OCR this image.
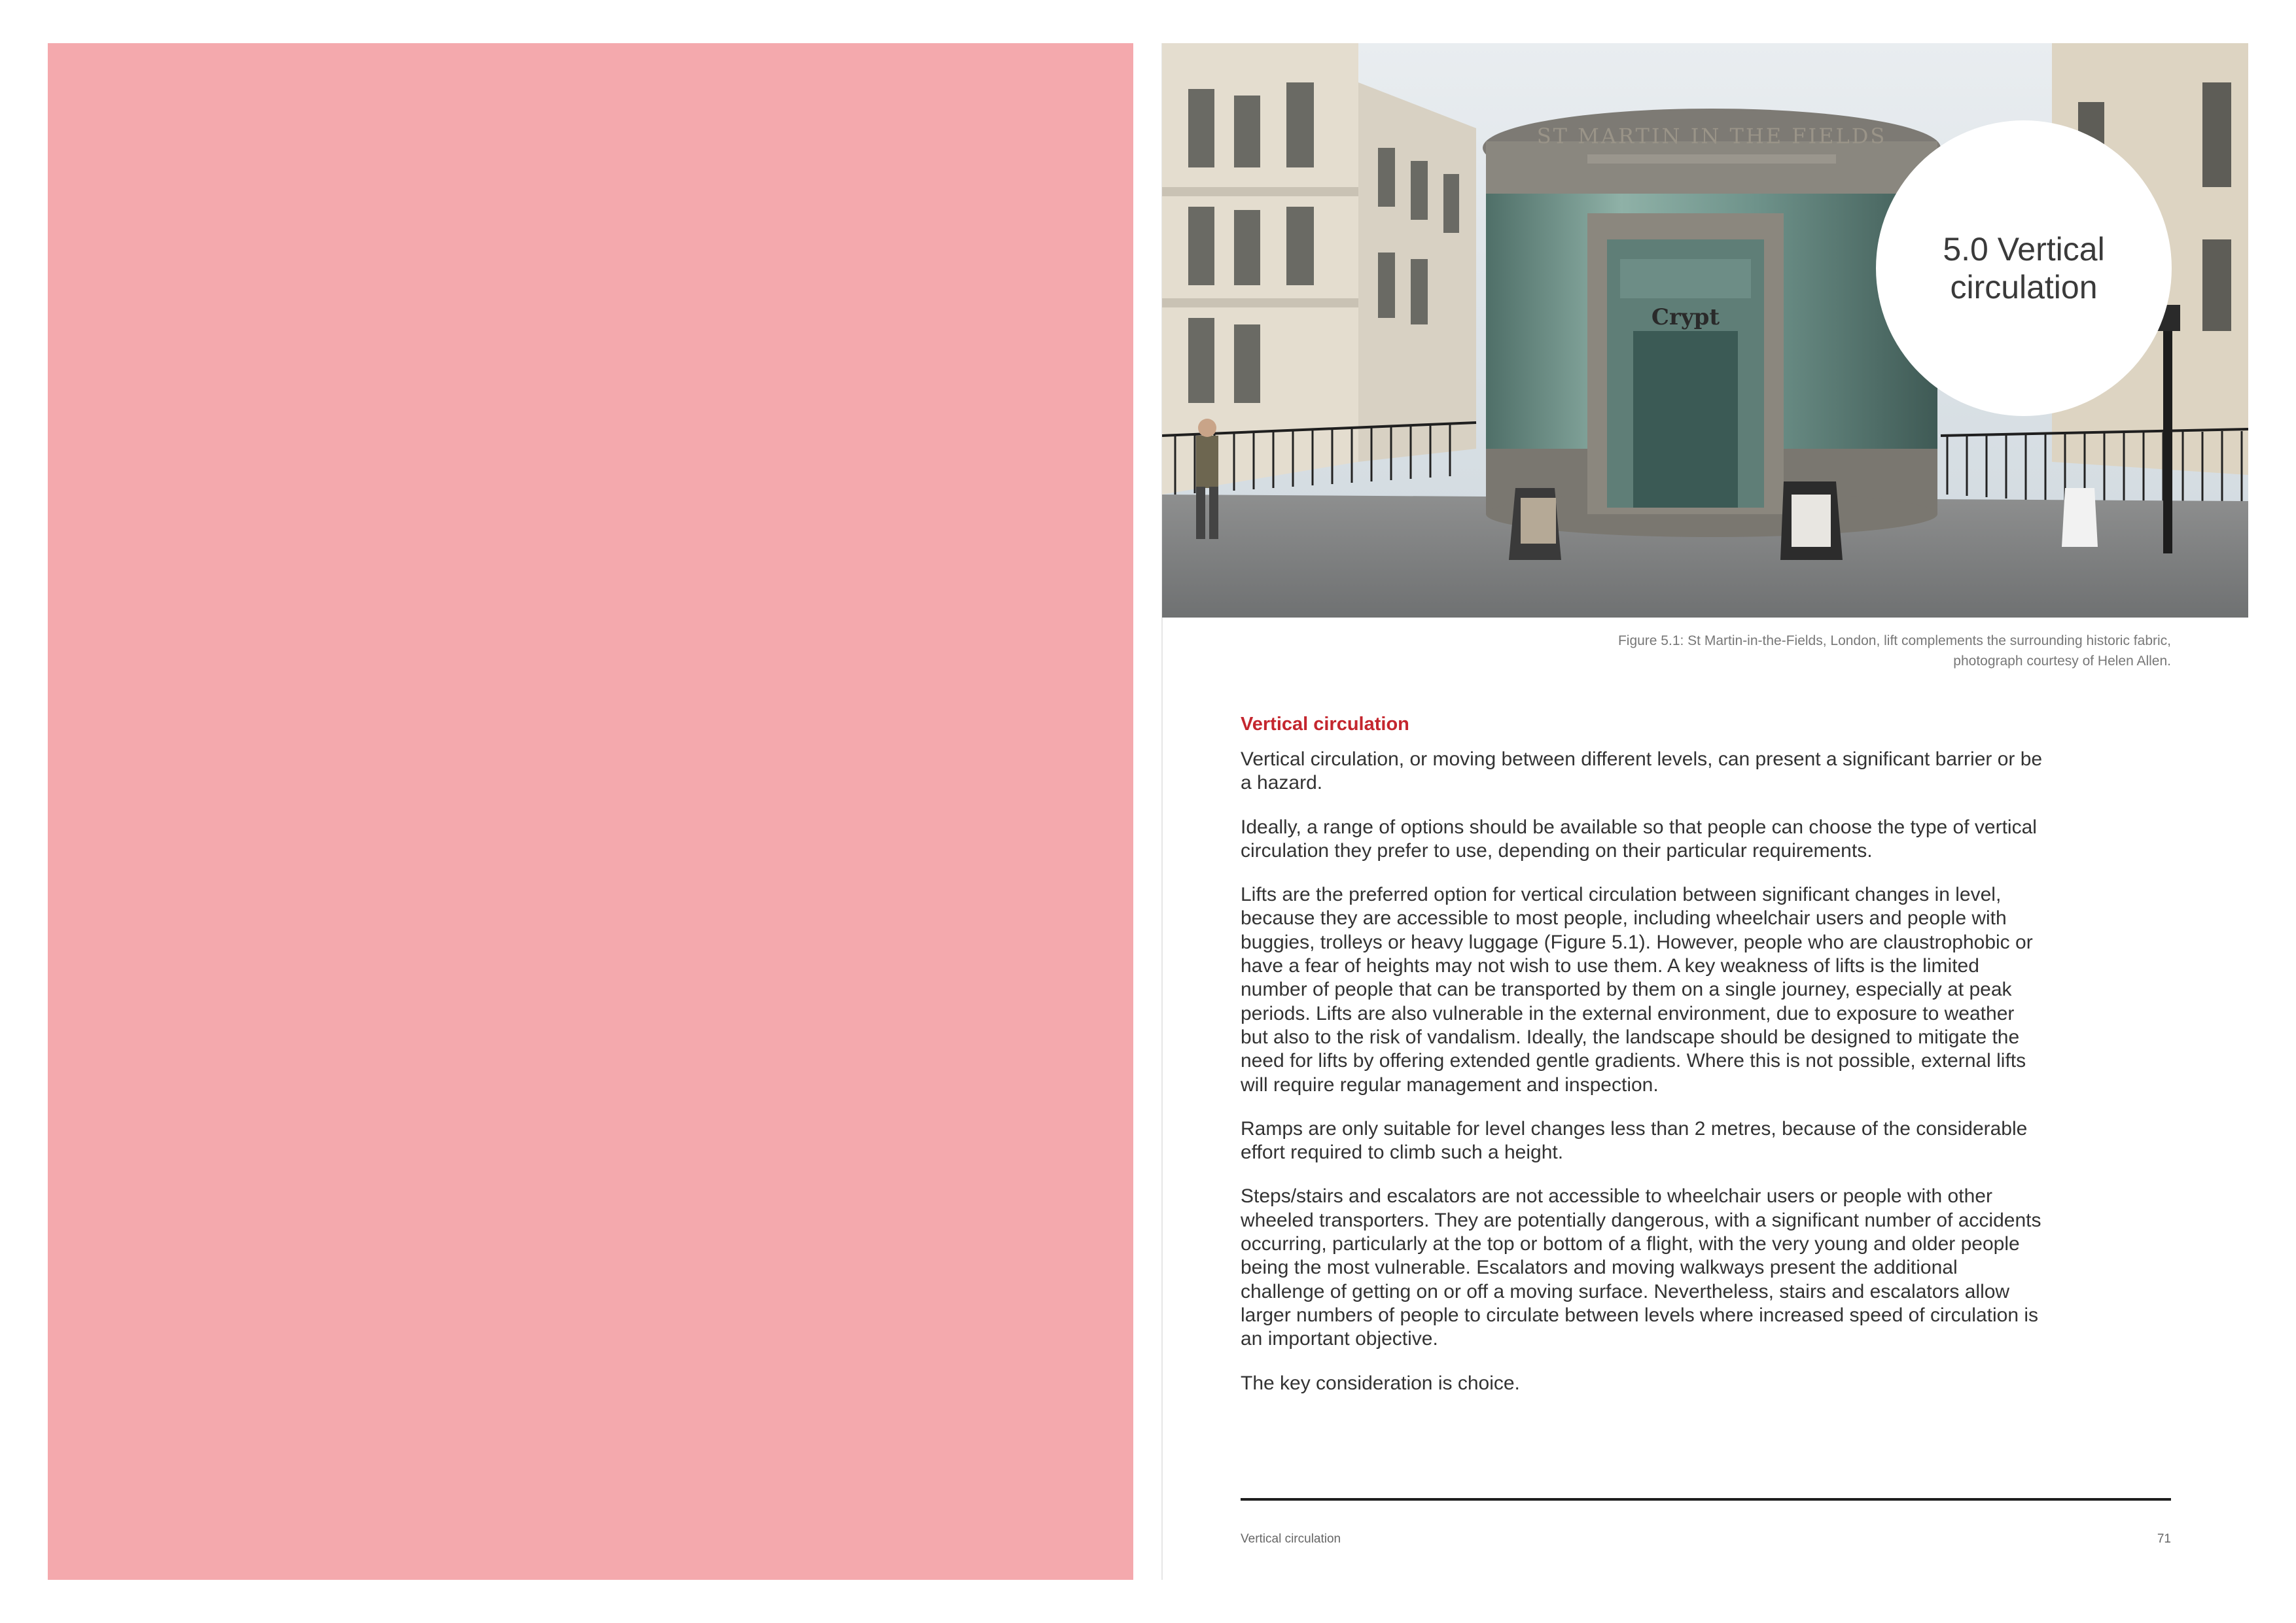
ST MARTIN IN THE FIELDS
Crypt
5.0 Vertical circulation
Figure 5.1: St Martin-in-the-Fields, London, lift complements the surrounding historic fabric,
photograph courtesy of Helen Allen.
Vertical circulation

Vertical circulation, or moving between different levels, can present a significant barrier or be a hazard.

Ideally, a range of options should be available so that people can choose the type of vertical circulation they prefer to use, depending on their particular requirements.

Lifts are the preferred option for vertical circulation between significant changes in level, because they are accessible to most people, including wheelchair users and people with buggies, trolleys or heavy luggage (Figure 5.1). However, people who are claustrophobic or have a fear of heights may not wish to use them. A key weakness of lifts is the limited number of people that can be transported by them on a single journey, especially at peak periods. Lifts are also vulnerable in the external environment, due to exposure to weather but also to the risk of vandalism. Ideally, the landscape should be designed to mitigate the need for lifts by offering extended gentle gradients. Where this is not possible, external lifts will require regular management and inspection.

Ramps are only suitable for level changes less than 2 metres, because of the considerable effort required to climb such a height.

Steps/stairs and escalators are not accessible to wheelchair users or people with other wheeled transporters. They are potentially dangerous, with a significant number of accidents occurring, particularly at the top or bottom of a flight, with the very young and older people being the most vulnerable. Escalators and moving walkways present the additional challenge of getting on or off a moving surface. Nevertheless, stairs and escalators allow larger numbers of people to circulate between levels where increased speed of circulation is an important objective.

The key consideration is choice.

Vertical circulation	71
